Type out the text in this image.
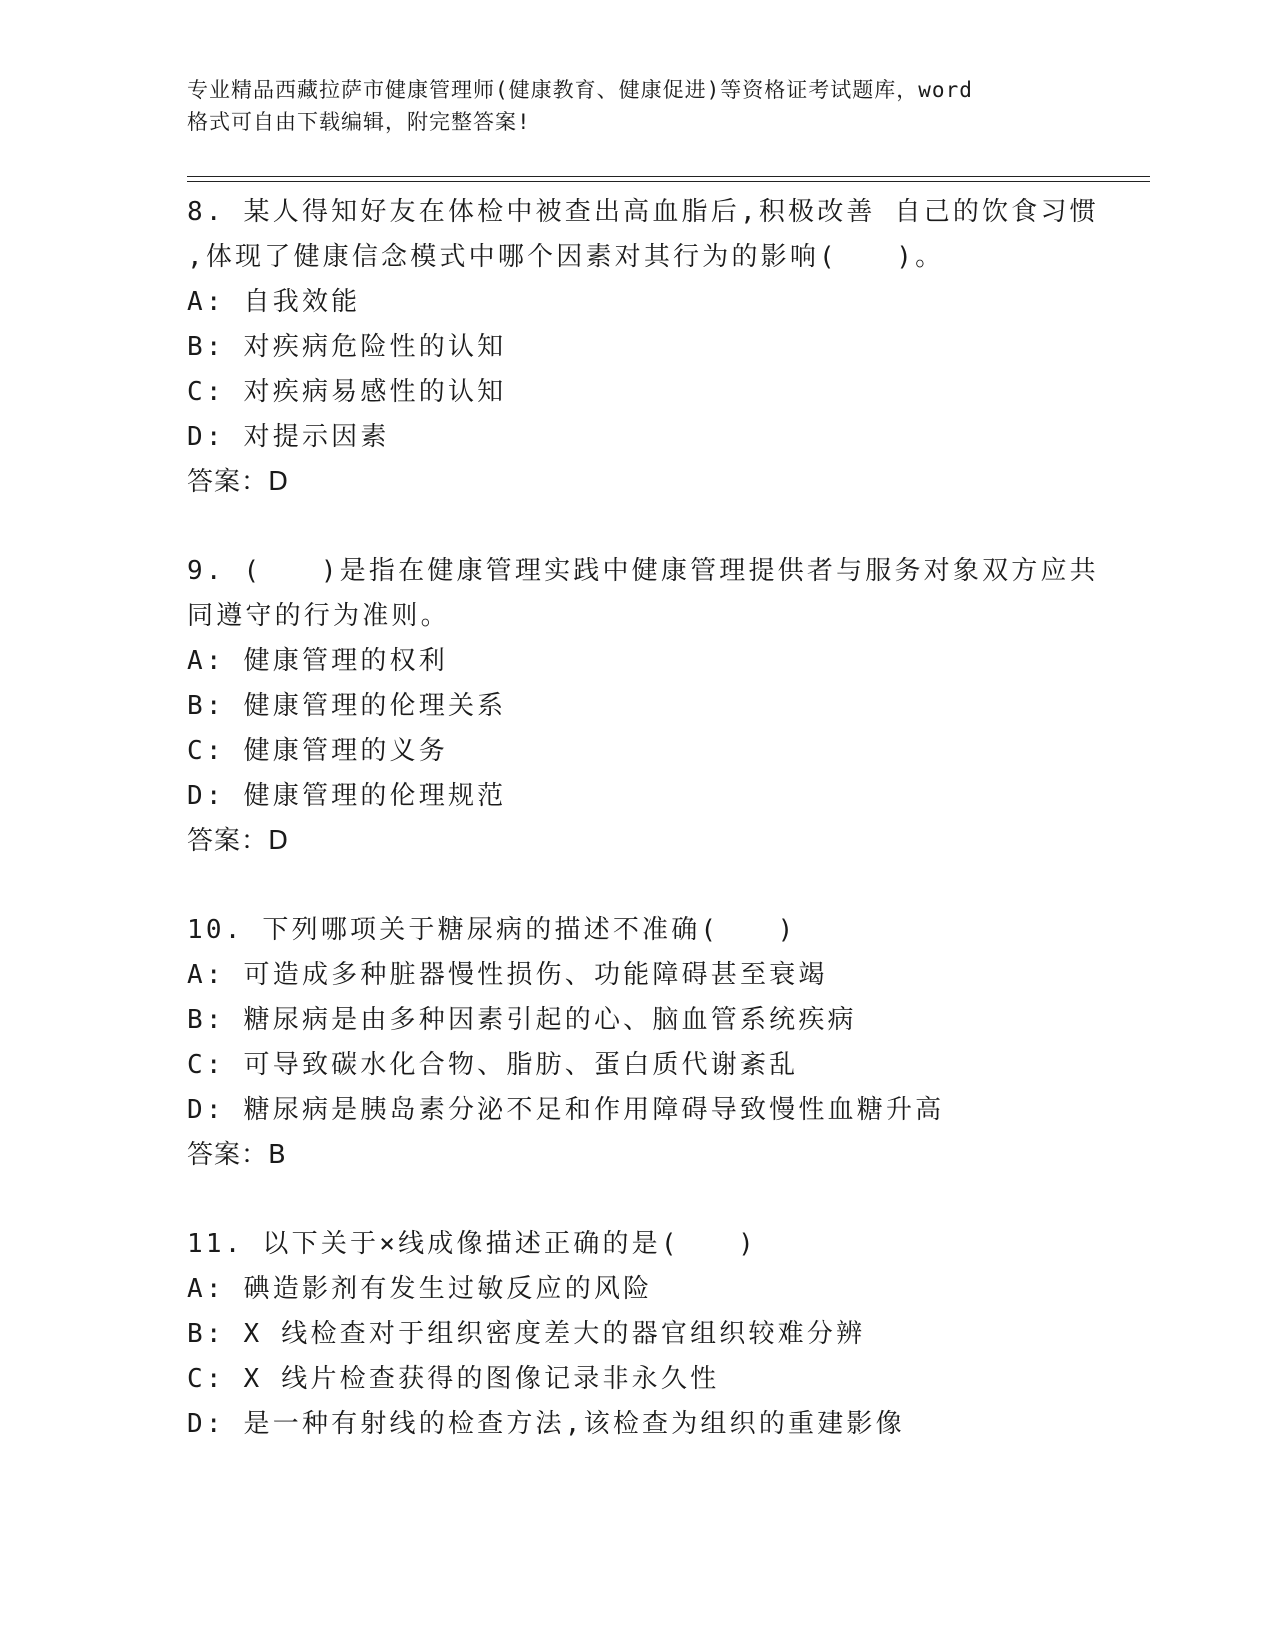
专业精品西藏拉萨市健康管理师(健康教育、健康促进)等资格证考试题库，word
格式可自由下载编辑，附完整答案!
8. 某人得知好友在体检中被查出高血脂后,积极改善 自己的饮食习惯
,体现了健康信念模式中哪个因素对其行为的影响(　　)。
A: 自我效能
B: 对疾病危险性的认知
C: 对疾病易感性的认知
D: 对提示因素
答案：D
9. (　　)是指在健康管理实践中健康管理提供者与服务对象双方应共
同遵守的行为准则。
A: 健康管理的权利
B: 健康管理的伦理关系
C: 健康管理的义务
D: 健康管理的伦理规范
答案：D
10. 下列哪项关于糖尿病的描述不准确(　　)
A: 可造成多种脏器慢性损伤、功能障碍甚至衰竭
B: 糖尿病是由多种因素引起的心、脑血管系统疾病
C: 可导致碳水化合物、脂肪、蛋白质代谢紊乱
D: 糖尿病是胰岛素分泌不足和作用障碍导致慢性血糖升高
答案：B
11. 以下关于×线成像描述正确的是(　　)
A: 碘造影剂有发生过敏反应的风险
B: X 线检查对于组织密度差大的器官组织较难分辨
C: X 线片检查获得的图像记录非永久性
D: 是一种有射线的检查方法,该检查为组织的重建影像
